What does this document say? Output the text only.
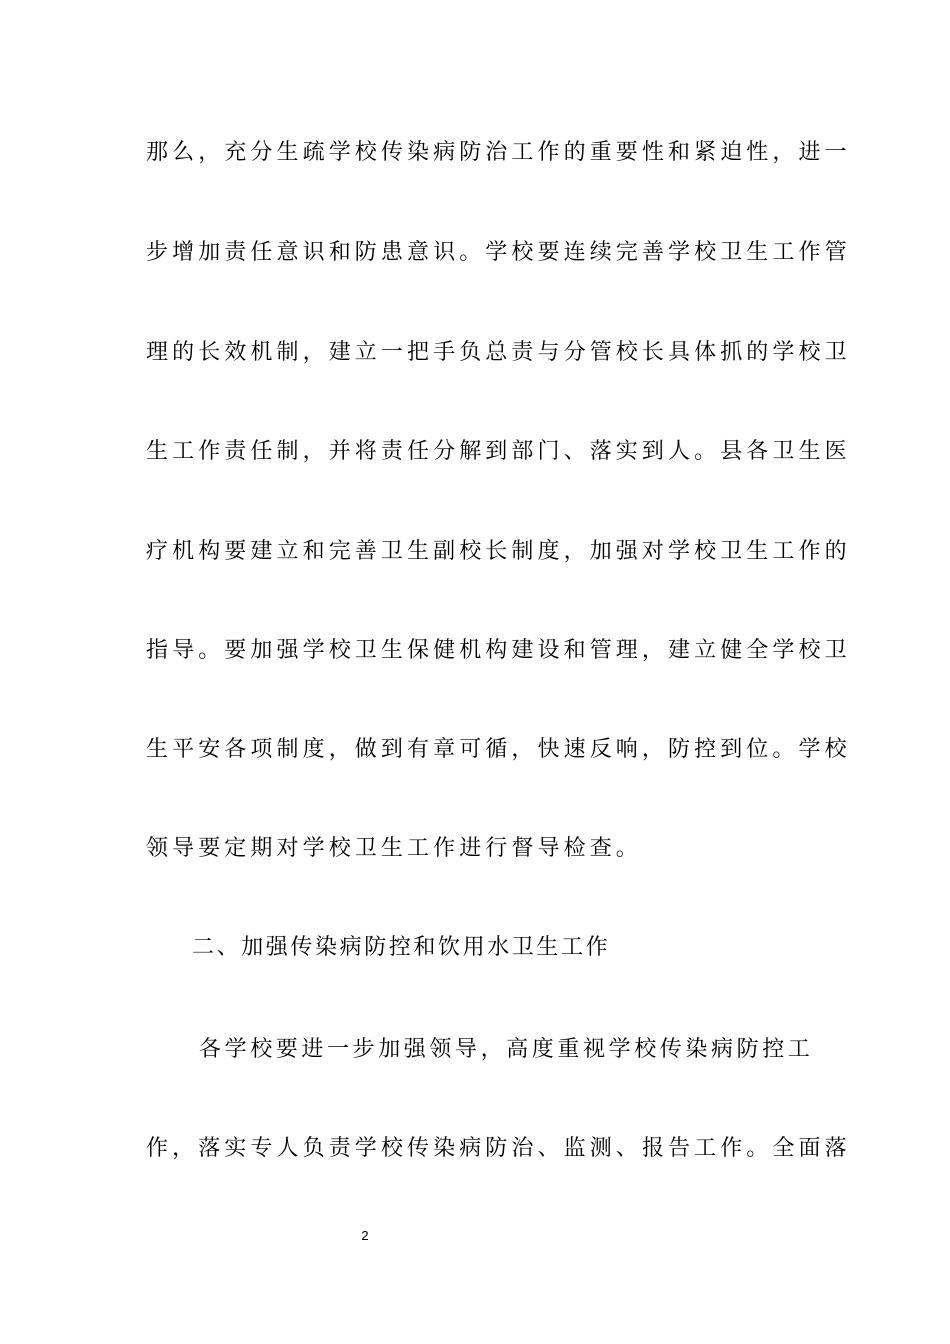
那么，充分生疏学校传染病防治工作的重要性和紧迫性，进一
步增加责任意识和防患意识。学校要连续完善学校卫生工作管
理的长效机制，建立一把手负总责与分管校长具体抓的学校卫
生工作责任制，并将责任分解到部门、落实到人。县各卫生医
疗机构要建立和完善卫生副校长制度，加强对学校卫生工作的
指导。要加强学校卫生保健机构建设和管理，建立健全学校卫
生平安各项制度，做到有章可循，快速反响，防控到位。学校
领导要定期对学校卫生工作进行督导检查。
二、加强传染病防控和饮用水卫生工作
各学校要进一步加强领导，高度重视学校传染病防控工
作，落实专人负责学校传染病防治、监测、报告工作。全面落
2
